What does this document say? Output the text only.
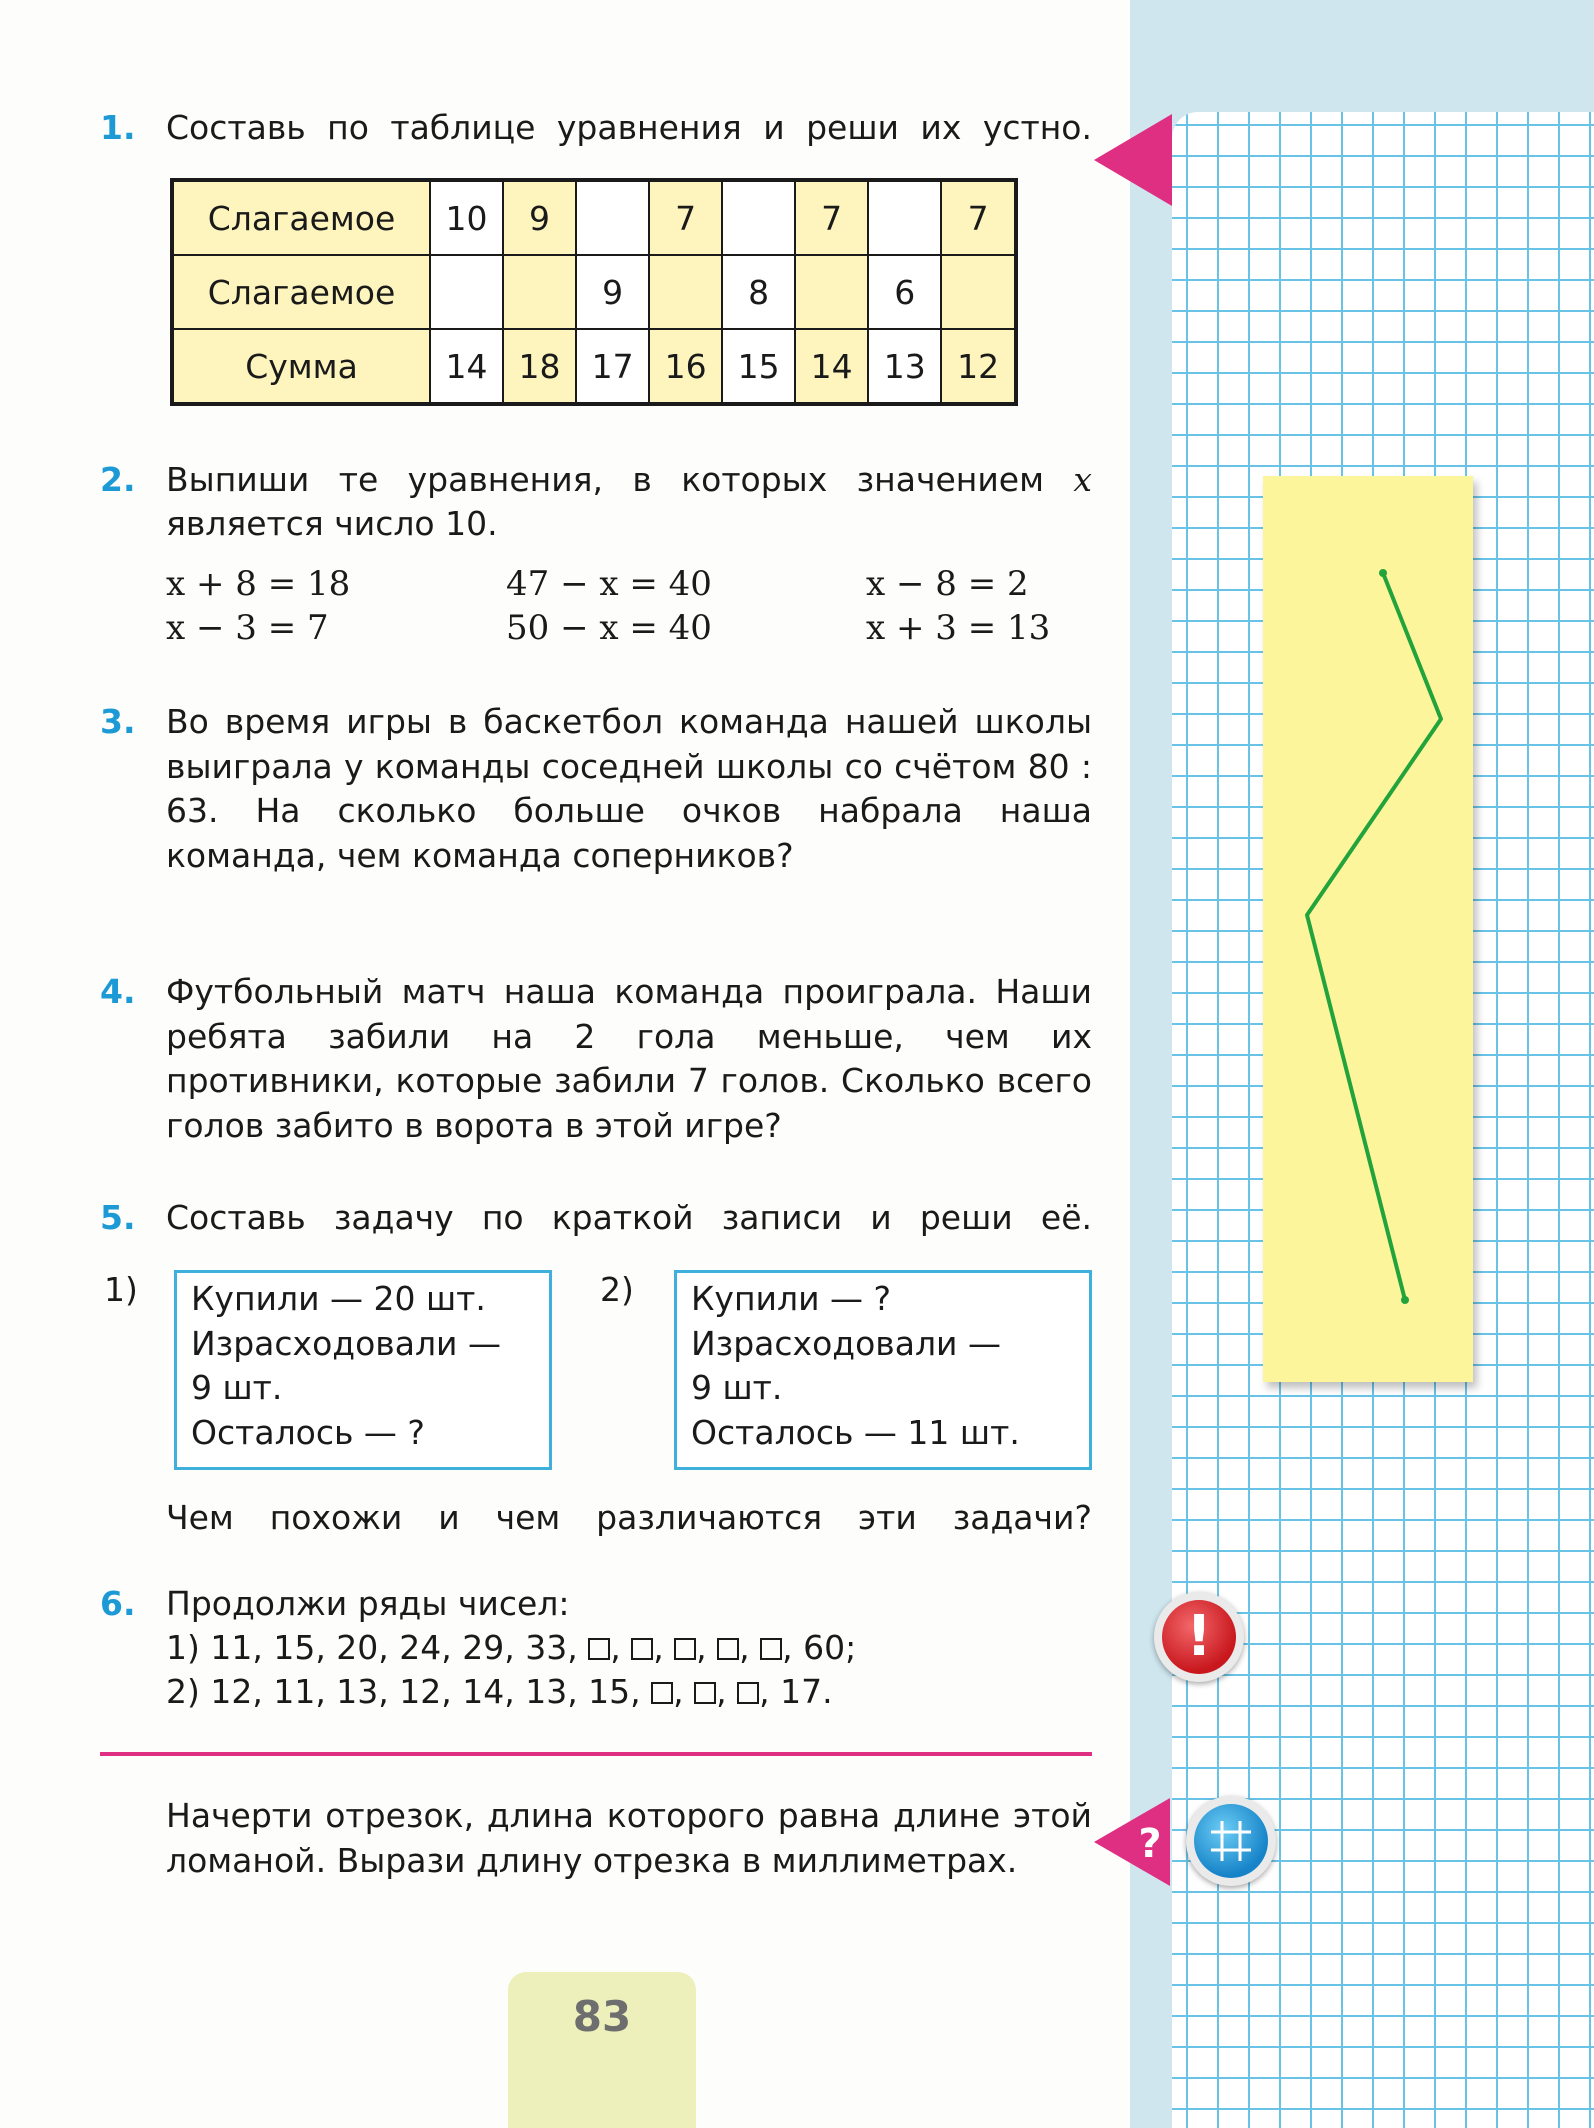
?
1. Составь по таблице уравнения и реши их устно.
Слагаемое	10	9		7		7		7
Слагаемое			9		8		6	
Сумма	14	18	17	16	15	14	13	12
2. Выпиши те уравнения, в которых значением x
является число 10.
x + 8 = 18	47 − x = 40	x − 8 = 2
x − 3 = 7	50 − x = 40	x + 3 = 13
3. Во время игры в баскетбол команда нашей школы выиграла у команды соседней школы со счётом 80 : 63. На сколько больше очков набрала наша команда, чем команда соперников?
4. Футбольный матч наша команда проиграла. Наши ребята забили на 2 гола меньше, чем их противники, которые забили 7 голов. Сколько всего голов забито в ворота в этой игре?
5. Составь задачу по краткой записи и реши её.
1) Купили — 20 шт.
Израсходовали —
9 шт.
Осталось — ?
2) Купили — ?
Израсходовали —
9 шт.
Осталось — 11 шт.
Чем похожи и чем различаются эти задачи?
6. Продолжи ряды чисел:
1) 11, 15, 20, 24, 29, 33, , , , , , 60;
2) 12, 11, 13, 12, 14, 13, 15, , , , 17.
Начерти отрезок, длина которого равна длине этой ломаной. Вырази длину отрезка в миллиметрах.
!
83
